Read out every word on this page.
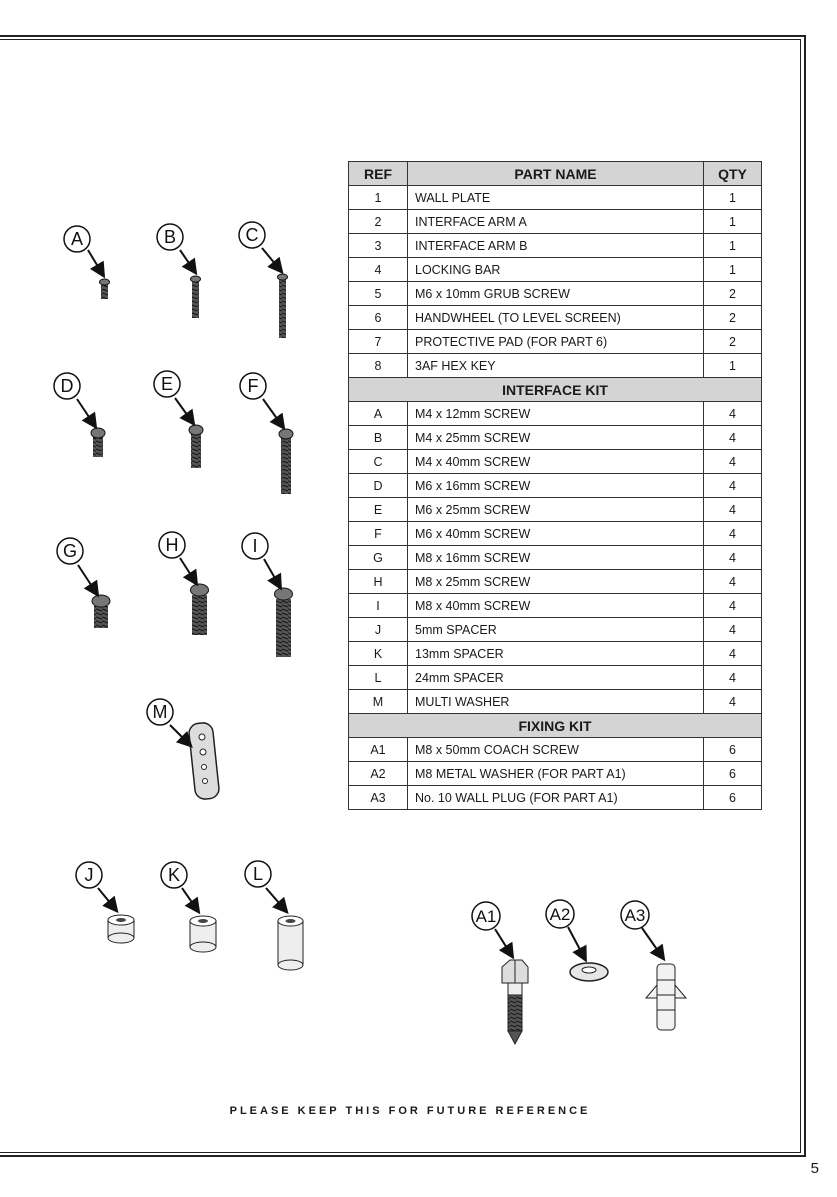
A	B	C
D	E	F
G	H	I
M
J	K	L
A1	A2	A3
REF	PART NAME	QTY
1	WALL PLATE	1
2	INTERFACE ARM A	1
3	INTERFACE ARM B	1
4	LOCKING BAR	1
5	M6 x 10mm GRUB SCREW	2
6	HANDWHEEL (TO LEVEL SCREEN)	2
7	PROTECTIVE PAD (FOR PART 6)	2
8	3AF HEX KEY	1
INTERFACE KIT		
A	M4 x 12mm SCREW	4
B	M4 x 25mm SCREW	4
C	M4 x 40mm SCREW	4
D	M6 x 16mm SCREW	4
E	M6 x 25mm SCREW	4
F	M6 x 40mm SCREW	4
G	M8 x 16mm SCREW	4
H	M8 x 25mm SCREW	4
I	M8 x 40mm SCREW	4
J	5mm SPACER	4
K	13mm SPACER	4
L	24mm SPACER	4
M	MULTI WASHER	4
FIXING KIT		
A1	M8 x 50mm COACH SCREW	6
A2	M8 METAL WASHER (FOR PART A1)	6
A3	No. 10 WALL PLUG (FOR PART A1)	6
PLEASE KEEP THIS FOR FUTURE REFERENCE
5
